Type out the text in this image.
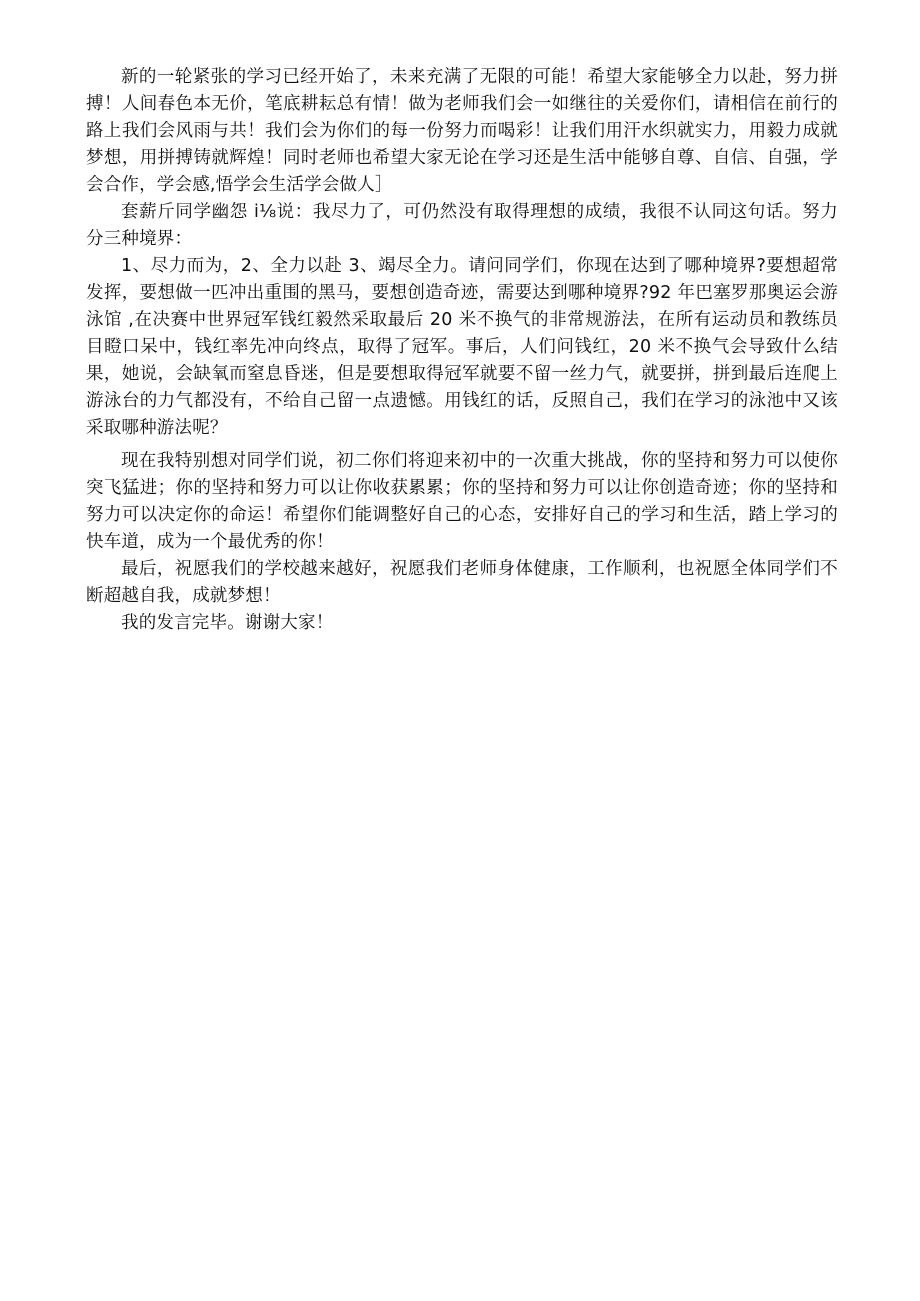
新的一轮紧张的学习已经开始了，未来充满了无限的可能！希望大家能够全力以赴，努力拼搏！人间春色本无价，笔底耕耘总有情！做为老师我们会一如继往的关爱你们，请相信在前行的路上我们会风雨与共！我们会为你们的每一份努力而喝彩！让我们用汗水织就实力，用毅力成就梦想，用拼搏铸就辉煌！同时老师也希望大家无论在学习还是生活中能够自尊、自信、自强，学会合作，学会感,悟学会生活学会做人］

套薪斤同学幽怨 i⅛说：我尽力了，可仍然没有取得理想的成绩，我很不认同这句话。努力分三种境界：

1、尽力而为，2、全力以赴 3、竭尽全力。请问同学们，你现在达到了哪种境界?要想超常发挥，要想做一匹冲出重围的黑马，要想创造奇迹，需要达到哪种境界?92 年巴塞罗那奥运会游泳馆 ,在决赛中世界冠军钱红毅然采取最后 20 米不换气的非常规游法，在所有运动员和教练员目瞪口呆中，钱红率先冲向终点，取得了冠军。事后，人们问钱红，20 米不换气会导致什么结果，她说，会缺氧而窒息昏迷，但是要想取得冠军就要不留一丝力气，就要拼，拼到最后连爬上游泳台的力气都没有，不给自己留一点遗憾。用钱红的话，反照自己，我们在学习的泳池中又该采取哪种游法呢？

现在我特别想对同学们说，初二你们将迎来初中的一次重大挑战，你的坚持和努力可以使你突飞猛进；你的坚持和努力可以让你收获累累；你的坚持和努力可以让你创造奇迹；你的坚持和努力可以决定你的命运！希望你们能调整好自己的心态，安排好自己的学习和生活，踏上学习的快车道，成为一个最优秀的你！

最后，祝愿我们的学校越来越好，祝愿我们老师身体健康，工作顺利，也祝愿全体同学们不断超越自我，成就梦想！

我的发言完毕。谢谢大家！
